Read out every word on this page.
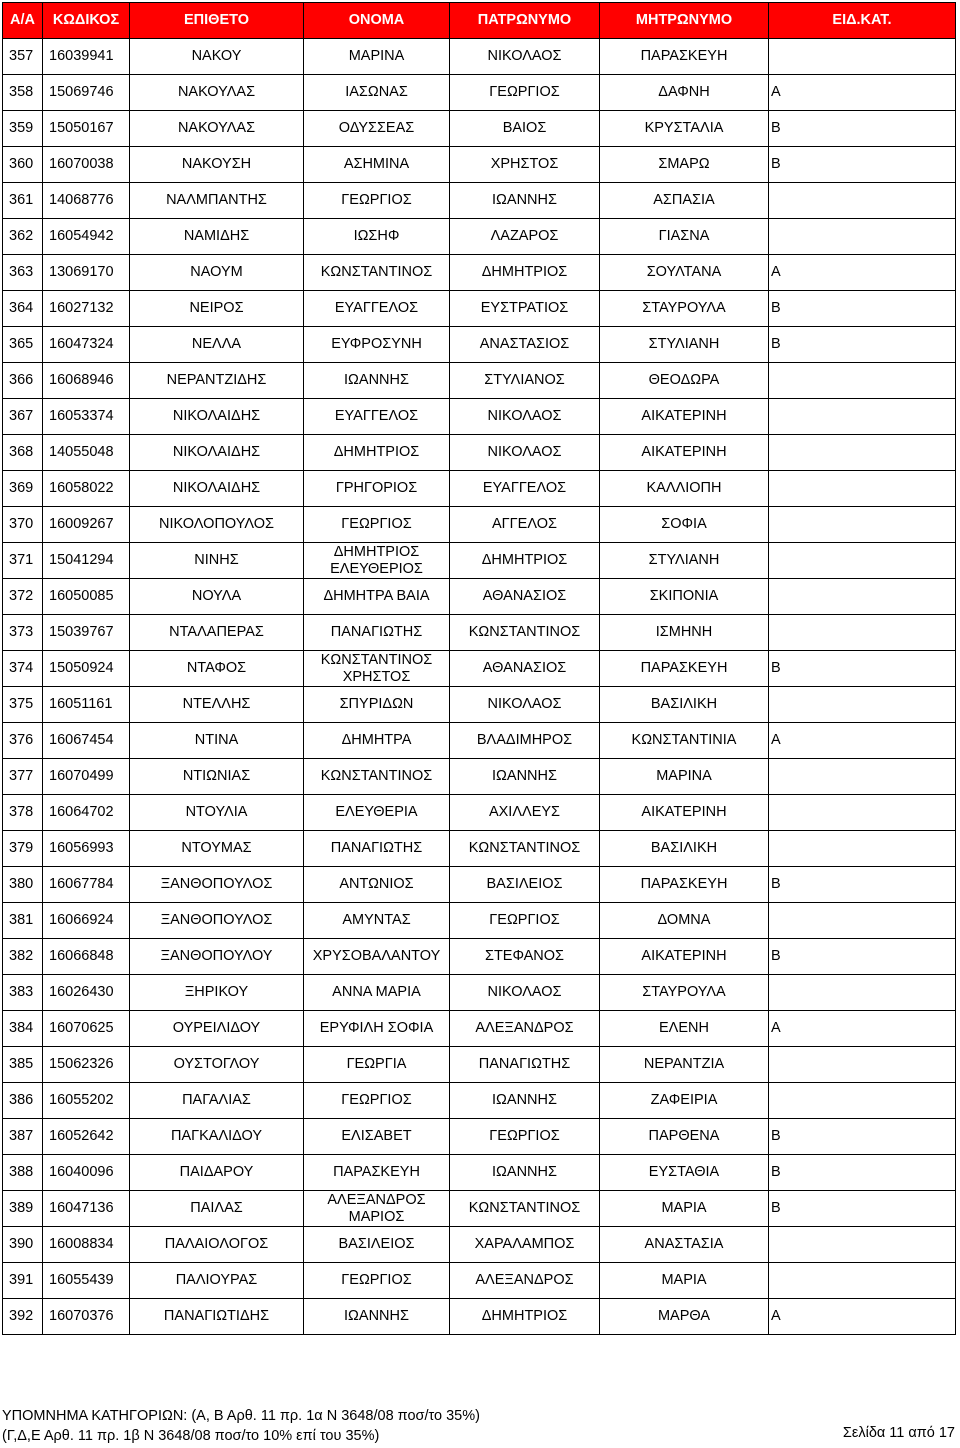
Α/Α	ΚΩΔΙΚΟΣ	ΕΠΙΘΕΤΟ	ΟΝΟΜΑ	ΠΑΤΡΩΝΥΜΟ	ΜΗΤΡΩΝΥΜΟ	ΕΙΔ.ΚΑΤ.
357	16039941	ΝΑΚΟΥ	ΜΑΡΙΝΑ	ΝΙΚΟΛΑΟΣ	ΠΑΡΑΣΚΕΥΗ	
358	15069746	ΝΑΚΟΥΛΑΣ	ΙΑΣΩΝΑΣ	ΓΕΩΡΓΙΟΣ	ΔΑΦΝΗ	Α
359	15050167	ΝΑΚΟΥΛΑΣ	ΟΔΥΣΣΕΑΣ	ΒΑΙΟΣ	ΚΡΥΣΤΑΛΙΑ	Β
360	16070038	ΝΑΚΟΥΣΗ	ΑΣΗΜΙΝΑ	ΧΡΗΣΤΟΣ	ΣΜΑΡΩ	Β
361	14068776	ΝΑΛΜΠΑΝΤΗΣ	ΓΕΩΡΓΙΟΣ	ΙΩΑΝΝΗΣ	ΑΣΠΑΣΙΑ	
362	16054942	ΝΑΜΙΔΗΣ	ΙΩΣΗΦ	ΛΑΖΑΡΟΣ	ΓΙΑΣΝΑ	
363	13069170	ΝΑΟΥΜ	ΚΩΝΣΤΑΝΤΙΝΟΣ	ΔΗΜΗΤΡΙΟΣ	ΣΟΥΛΤΑΝΑ	Α
364	16027132	ΝΕΙΡΟΣ	ΕΥΑΓΓΕΛΟΣ	ΕΥΣΤΡΑΤΙΟΣ	ΣΤΑΥΡΟΥΛΑ	Β
365	16047324	ΝΕΛΛΑ	ΕΥΦΡΟΣΥΝΗ	ΑΝΑΣΤΑΣΙΟΣ	ΣΤΥΛΙΑΝΗ	Β
366	16068946	ΝΕΡΑΝΤΖΙΔΗΣ	ΙΩΑΝΝΗΣ	ΣΤΥΛΙΑΝΟΣ	ΘΕΟΔΩΡΑ	
367	16053374	ΝΙΚΟΛΑΙΔΗΣ	ΕΥΑΓΓΕΛΟΣ	ΝΙΚΟΛΑΟΣ	ΑΙΚΑΤΕΡΙΝΗ	
368	14055048	ΝΙΚΟΛΑΙΔΗΣ	ΔΗΜΗΤΡΙΟΣ	ΝΙΚΟΛΑΟΣ	ΑΙΚΑΤΕΡΙΝΗ	
369	16058022	ΝΙΚΟΛΑΙΔΗΣ	ΓΡΗΓΟΡΙΟΣ	ΕΥΑΓΓΕΛΟΣ	ΚΑΛΛΙΟΠΗ	
370	16009267	ΝΙΚΟΛΟΠΟΥΛΟΣ	ΓΕΩΡΓΙΟΣ	ΑΓΓΕΛΟΣ	ΣΟΦΙΑ	
371	15041294	ΝΙΝΗΣ	ΔΗΜΗΤΡΙΟΣ ΕΛΕΥΘΕΡΙΟΣ	ΔΗΜΗΤΡΙΟΣ	ΣΤΥΛΙΑΝΗ	
372	16050085	ΝΟΥΛΑ	ΔΗΜΗΤΡΑ ΒΑΙΑ	ΑΘΑΝΑΣΙΟΣ	ΣΚΙΠΟΝΙΑ	
373	15039767	ΝΤΑΛΑΠΕΡΑΣ	ΠΑΝΑΓΙΩΤΗΣ	ΚΩΝΣΤΑΝΤΙΝΟΣ	ΙΣΜΗΝΗ	
374	15050924	ΝΤΑΦΟΣ	ΚΩΝΣΤΑΝΤΙΝΟΣ ΧΡΗΣΤΟΣ	ΑΘΑΝΑΣΙΟΣ	ΠΑΡΑΣΚΕΥΗ	Β
375	16051161	ΝΤΕΛΛΗΣ	ΣΠΥΡΙΔΩΝ	ΝΙΚΟΛΑΟΣ	ΒΑΣΙΛΙΚΗ	
376	16067454	ΝΤΙΝΑ	ΔΗΜΗΤΡΑ	ΒΛΑΔΙΜΗΡΟΣ	ΚΩΝΣΤΑΝΤΙΝΙΑ	Α
377	16070499	ΝΤΙΩΝΙΑΣ	ΚΩΝΣΤΑΝΤΙΝΟΣ	ΙΩΑΝΝΗΣ	ΜΑΡΙΝΑ	
378	16064702	ΝΤΟΥΛΙΑ	ΕΛΕΥΘΕΡΙΑ	ΑΧΙΛΛΕΥΣ	ΑΙΚΑΤΕΡΙΝΗ	
379	16056993	ΝΤΟΥΜΑΣ	ΠΑΝΑΓΙΩΤΗΣ	ΚΩΝΣΤΑΝΤΙΝΟΣ	ΒΑΣΙΛΙΚΗ	
380	16067784	ΞΑΝΘΟΠΟΥΛΟΣ	ΑΝΤΩΝΙΟΣ	ΒΑΣΙΛΕΙΟΣ	ΠΑΡΑΣΚΕΥΗ	Β
381	16066924	ΞΑΝΘΟΠΟΥΛΟΣ	ΑΜΥΝΤΑΣ	ΓΕΩΡΓΙΟΣ	ΔΟΜΝΑ	
382	16066848	ΞΑΝΘΟΠΟΥΛΟΥ	ΧΡΥΣΟΒΑΛΑΝΤΟΥ	ΣΤΕΦΑΝΟΣ	ΑΙΚΑΤΕΡΙΝΗ	Β
383	16026430	ΞΗΡΙΚΟΥ	ΑΝΝΑ ΜΑΡΙΑ	ΝΙΚΟΛΑΟΣ	ΣΤΑΥΡΟΥΛΑ	
384	16070625	ΟΥΡΕΙΛΙΔΟΥ	ΕΡΥΦΙΛΗ ΣΟΦΙΑ	ΑΛΕΞΑΝΔΡΟΣ	ΕΛΕΝΗ	Α
385	15062326	ΟΥΣΤΟΓΛΟΥ	ΓΕΩΡΓΙΑ	ΠΑΝΑΓΙΩΤΗΣ	ΝΕΡΑΝΤΖΙΑ	
386	16055202	ΠΑΓΑΛΙΑΣ	ΓΕΩΡΓΙΟΣ	ΙΩΑΝΝΗΣ	ΖΑΦΕΙΡΙΑ	
387	16052642	ΠΑΓΚΑΛΙΔΟΥ	ΕΛΙΣΑΒΕΤ	ΓΕΩΡΓΙΟΣ	ΠΑΡΘΕΝΑ	Β
388	16040096	ΠΑΙΔΑΡΟΥ	ΠΑΡΑΣΚΕΥΗ	ΙΩΑΝΝΗΣ	ΕΥΣΤΑΘΙΑ	Β
389	16047136	ΠΑΙΛΑΣ	ΑΛΕΞΑΝΔΡΟΣ ΜΑΡΙΟΣ	ΚΩΝΣΤΑΝΤΙΝΟΣ	ΜΑΡΙΑ	Β
390	16008834	ΠΑΛΑΙΟΛΟΓΟΣ	ΒΑΣΙΛΕΙΟΣ	ΧΑΡΑΛΑΜΠΟΣ	ΑΝΑΣΤΑΣΙΑ	
391	16055439	ΠΑΛΙΟΥΡΑΣ	ΓΕΩΡΓΙΟΣ	ΑΛΕΞΑΝΔΡΟΣ	ΜΑΡΙΑ	
392	16070376	ΠΑΝΑΓΙΩΤΙΔΗΣ	ΙΩΑΝΝΗΣ	ΔΗΜΗΤΡΙΟΣ	ΜΑΡΘΑ	Α
ΥΠΟΜΝΗΜΑ ΚΑΤΗΓΟΡΙΩΝ: (Α, Β Αρθ. 11 πρ. 1α Ν 3648/08 ποσ/το 35%)
(Γ,Δ,Ε Αρθ. 11 πρ. 1β Ν 3648/08 ποσ/το 10% επί του 35%)	Σελίδα 11 από 17
